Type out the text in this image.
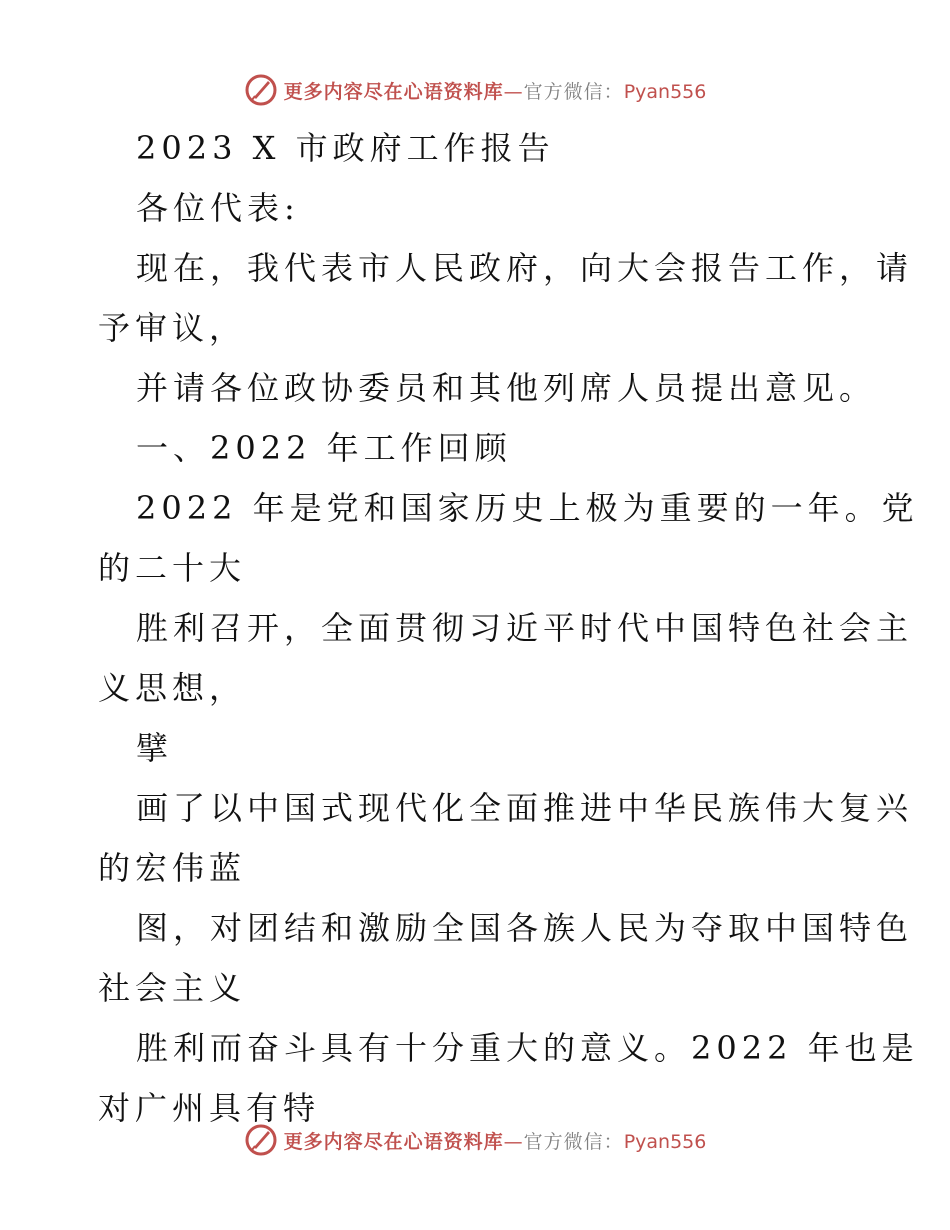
更多内容尽在心语资料库—官方微信：Pyan556
2023 X 市政府工作报告
各位代表:
现在，我代表市人民政府，向大会报告工作，请
予审议，
并请各位政协委员和其他列席人员提出意见。
一、2022 年工作回顾
2022 年是党和国家历史上极为重要的一年。党
的二十大
胜利召开，全面贯彻习近平时代中国特色社会主
义思想，
擘
画了以中国式现代化全面推进中华民族伟大复兴
的宏伟蓝
图，对团结和激励全国各族人民为夺取中国特色
社会主义
胜利而奋斗具有十分重大的意义。2022 年也是
对广州具有特
更多内容尽在心语资料库—官方微信：Pyan556
